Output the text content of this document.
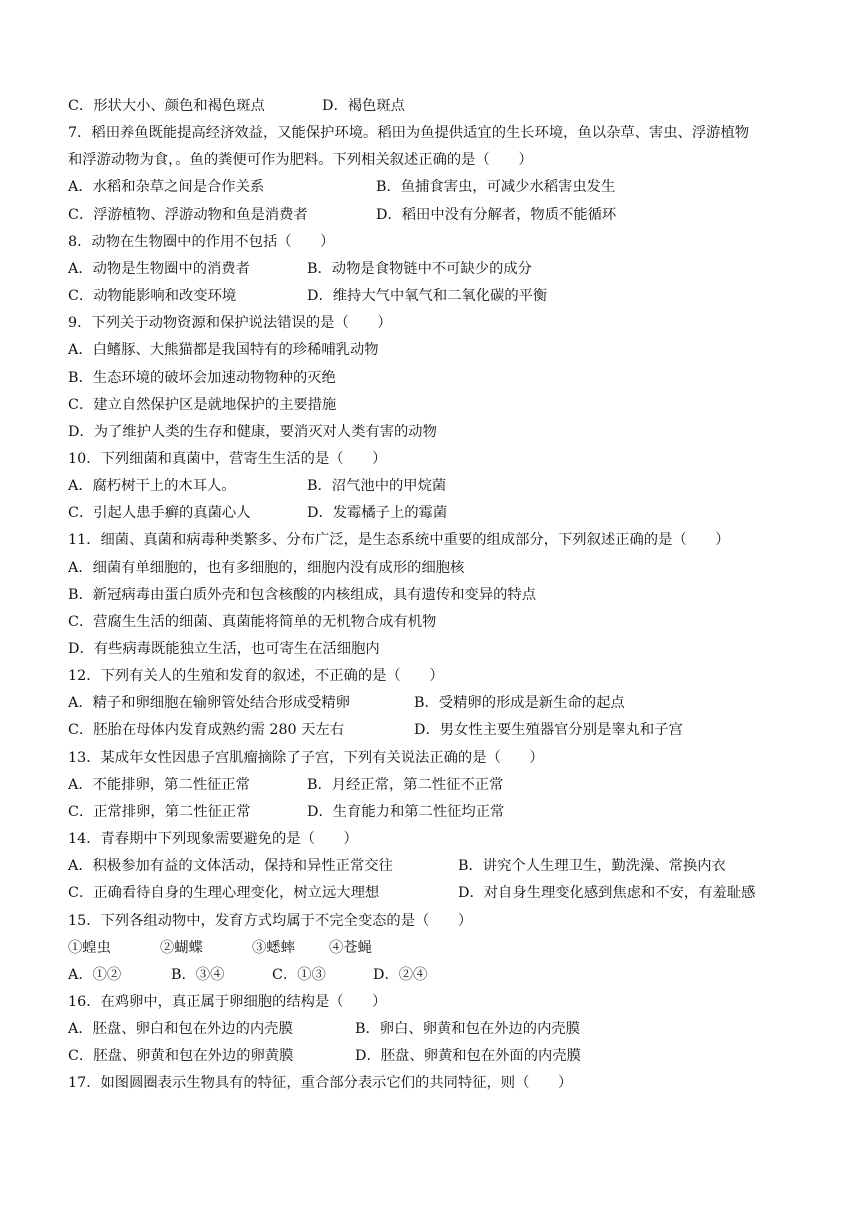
C．形状大小、颜色和褐色斑点	D．褐色斑点
7．稻田养鱼既能提高经济效益，又能保护环境。稻田为鱼提供适宜的生长环境，鱼以杂草、害虫、浮游植物
和浮游动物为食，。鱼的粪便可作为肥料。下列相关叙述正确的是（　　）
A．水稻和杂草之间是合作关系	B．鱼捕食害虫，可减少水稻害虫发生
C．浮游植物、浮游动物和鱼是消费者	D．稻田中没有分解者，物质不能循环
8．动物在生物圈中的作用不包括（　　）
A．动物是生物圈中的消费者	B．动物是食物链中不可缺少的成分
C．动物能影响和改变环境	D．维持大气中氧气和二氧化碳的平衡
9．下列关于动物资源和保护说法错误的是（　　）
A．白鳍豚、大熊猫都是我国特有的珍稀哺乳动物
B．生态环境的破坏会加速动物物种的灭绝
C．建立自然保护区是就地保护的主要措施
D．为了维护人类的生存和健康，要消灭对人类有害的动物
10．下列细菌和真菌中，营寄生生活的是（　　）
A．腐朽树干上的木耳人。	B．沼气池中的甲烷菌
C．引起人患手癣的真菌心人	D．发霉橘子上的霉菌
11．细菌、真菌和病毒种类繁多、分布广泛，是生态系统中重要的组成部分，下列叙述正确的是（　　）
A．细菌有单细胞的，也有多细胞的，细胞内没有成形的细胞核
B．新冠病毒由蛋白质外壳和包含核酸的内核组成，具有遗传和变异的特点
C．营腐生生活的细菌、真菌能将简单的无机物合成有机物
D．有些病毒既能独立生活，也可寄生在活细胞内
12．下列有关人的生殖和发育的叙述，不正确的是（　　）
A．精子和卵细胞在输卵管处结合形成受精卵	B．受精卵的形成是新生命的起点
C．胚胎在母体内发育成熟约需 280 天左右	D．男女性主要生殖器官分别是睾丸和子宫
13．某成年女性因患子宫肌瘤摘除了子宫，下列有关说法正确的是（　　）
A．不能排卵，第二性征正常	B．月经正常，第二性征不正常
C．正常排卵，第二性征正常	D．生育能力和第二性征均正常
14．青春期中下列现象需要避免的是（　　）
A．积极参加有益的文体活动，保持和异性正常交往	B．讲究个人生理卫生，勤洗澡、常换内衣
C．正确看待自身的生理心理变化，树立远大理想	D．对自身生理变化感到焦虑和不安，有羞耻感
15．下列各组动物中，发育方式均属于不完全变态的是（　　）
①蝗虫	②蝴蝶	③蟋蟀 ④苍蝇
A．①②	B．③④	C．①③	D．②④
16．在鸡卵中，真正属于卵细胞的结构是（　　）
A．胚盘、卵白和包在外边的内壳膜	B．卵白、卵黄和包在外边的内壳膜
C．胚盘、卵黄和包在外边的卵黄膜	D．胚盘、卵黄和包在外面的内壳膜
17．如图圆圈表示生物具有的特征，重合部分表示它们的共同特征，则（　　）
